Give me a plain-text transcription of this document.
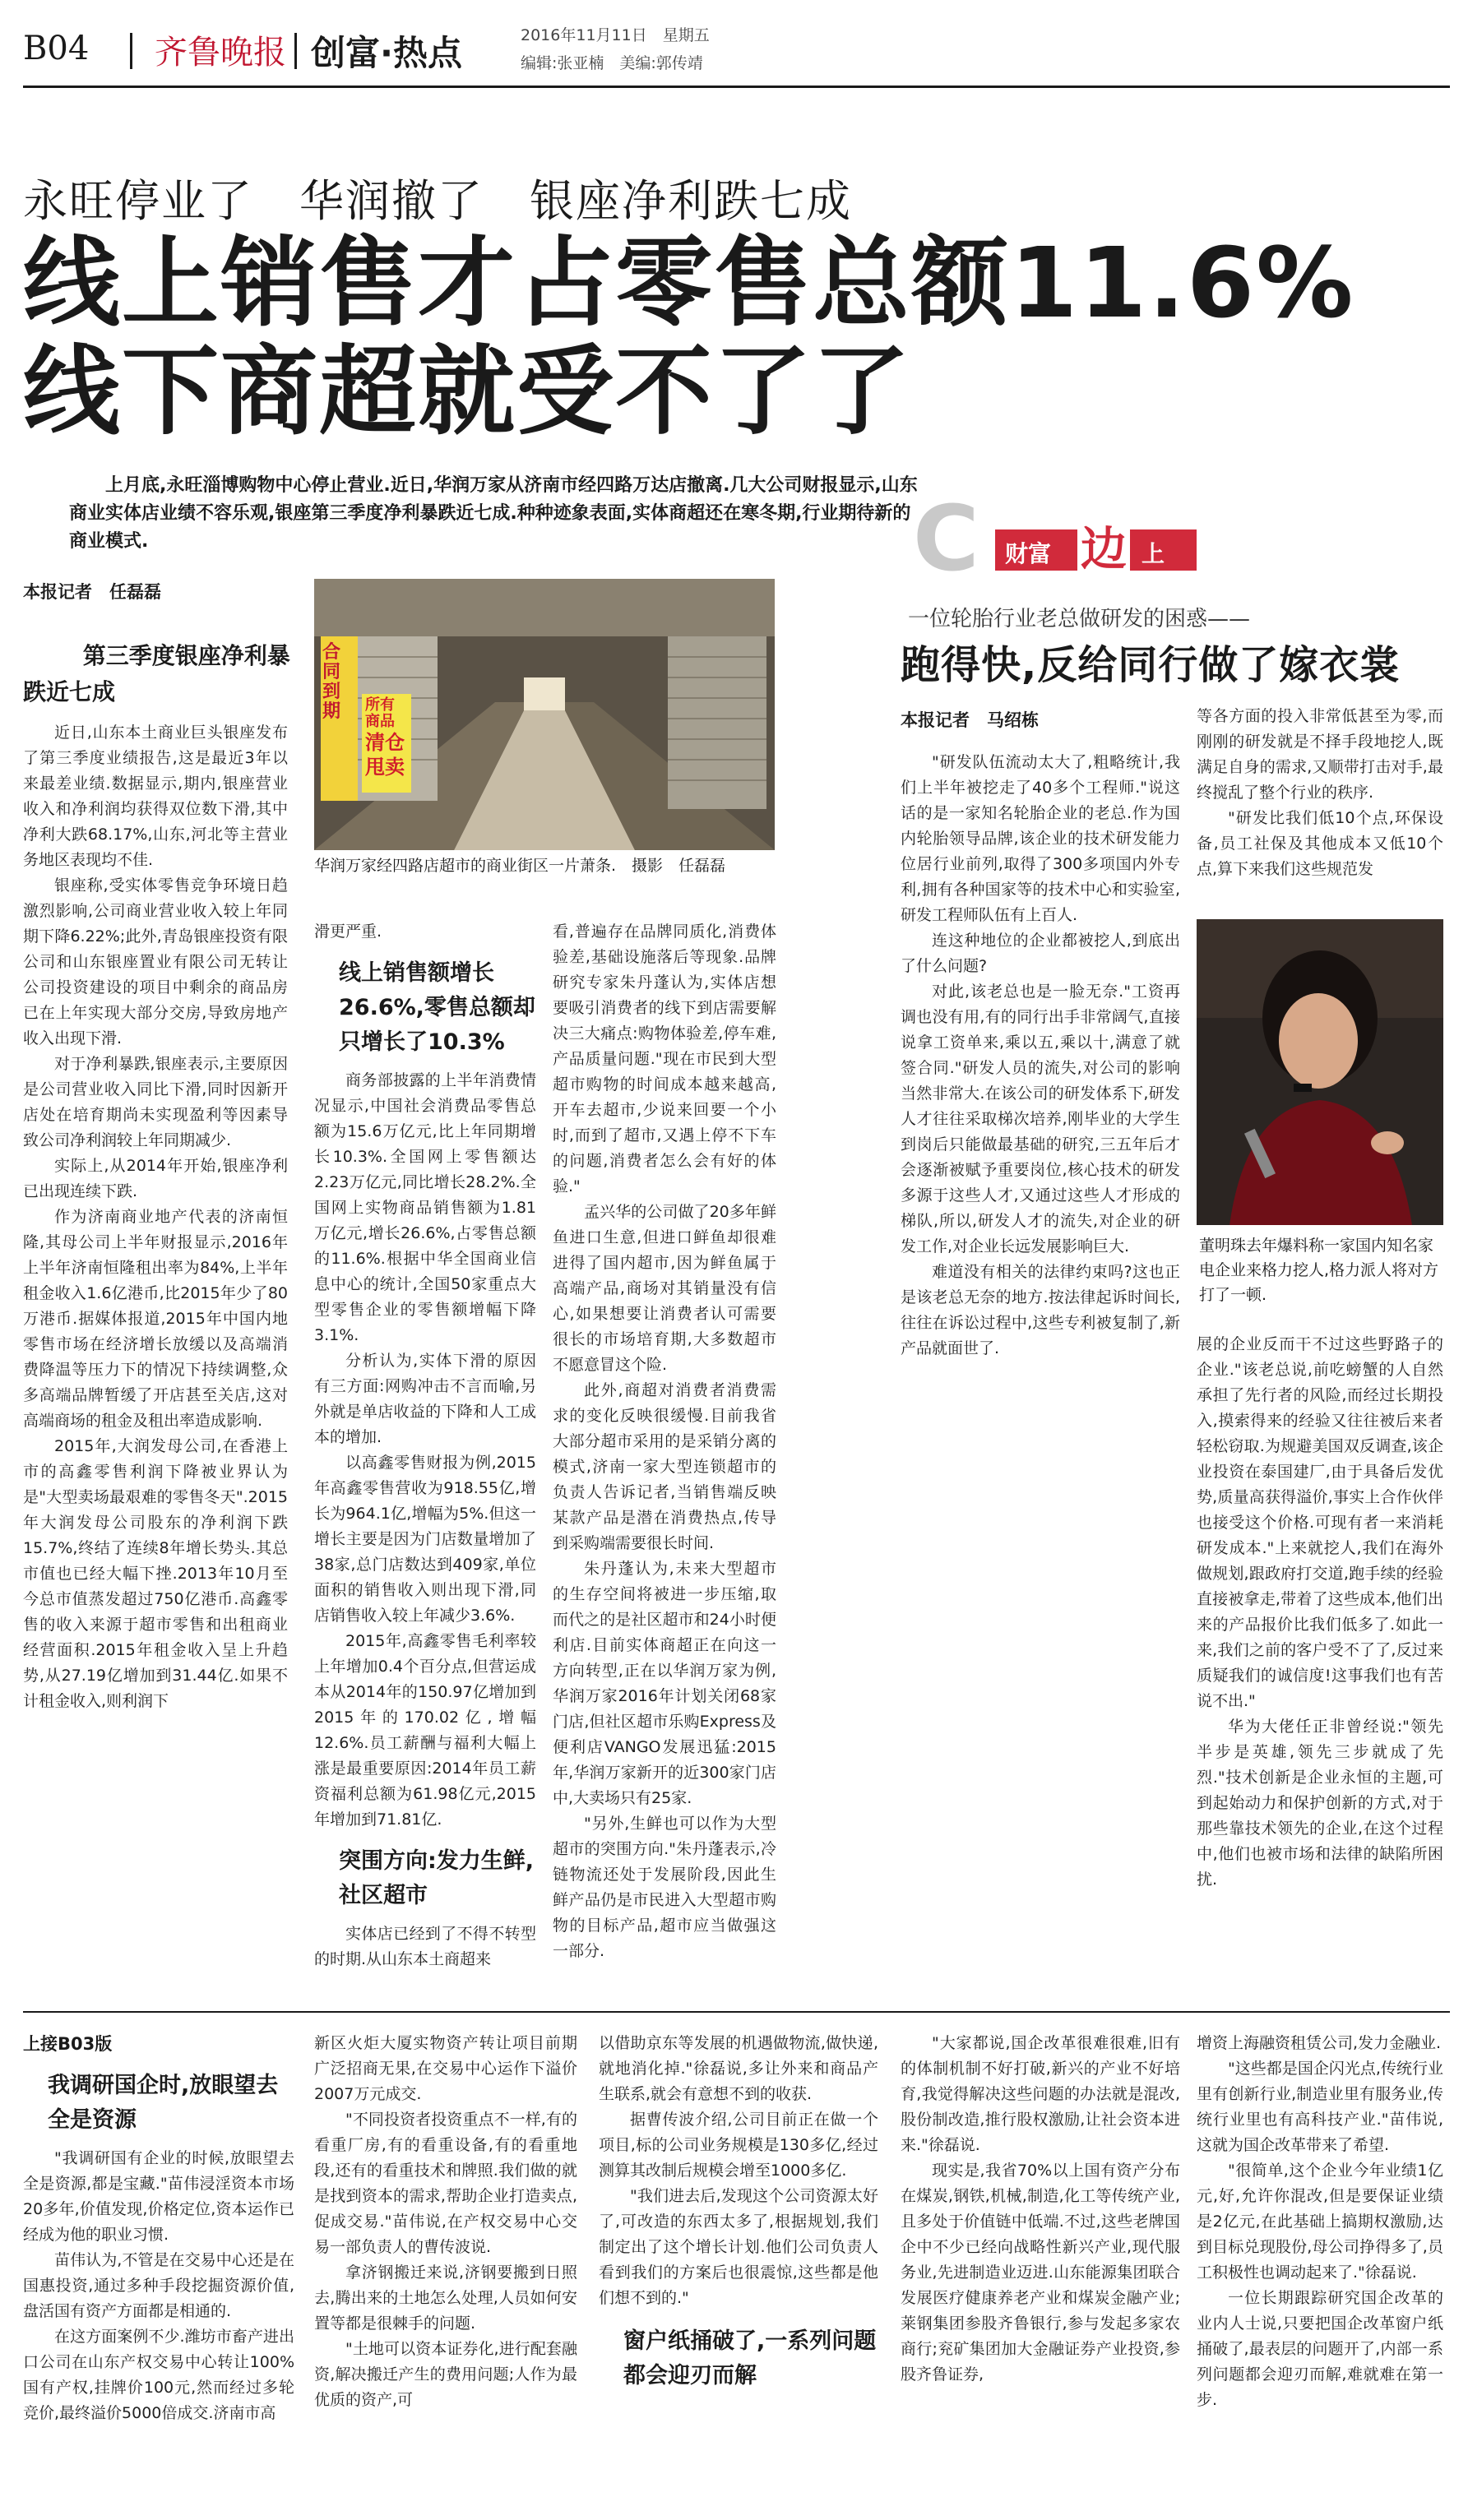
B04 齐鲁晚报 创富·热点	2016年11月11日　星期五
编辑:张亚楠　美编:郭传靖
永旺停业了　华润撤了　银座净利跌七成
线上销售才占零售总额11.6%
线下商超就受不了了
上月底,永旺淄博购物中心停止营业.近日,华润万家从济南市经四路万达店撤离.几大公司财报显示,山东商业实体店业绩不容乐观,银座第三季度净利暴跌近七成.种种迹象表面,实体商超还在寒冬期,行业期待新的商业模式.
本报记者　任磊磊
第三季度银座净利暴跌近七成

近日,山东本土商业巨头银座发布了第三季度业绩报告,这是最近3年以来最差业绩.数据显示,期内,银座营业收入和净利润均获得双位数下滑,其中净利大跌68.17%,山东,河北等主营业务地区表现均不佳.

银座称,受实体零售竞争环境日趋激烈影响,公司商业营业收入较上年同期下降6.22%;此外,青岛银座投资有限公司和山东银座置业有限公司无转让公司投资建设的项目中剩余的商品房已在上年实现大部分交房,导致房地产收入出现下滑.

对于净利暴跌,银座表示,主要原因是公司营业收入同比下滑,同时因新开店处在培育期尚未实现盈利等因素导致公司净利润较上年同期减少.

实际上,从2014年开始,银座净利已出现连续下跌.

作为济南商业地产代表的济南恒隆,其母公司上半年财报显示,2016年上半年济南恒隆租出率为84%,上半年租金收入1.6亿港币,比2015年少了80万港币.据媒体报道,2015年中国内地零售市场在经济增长放缓以及高端消费降温等压力下的情况下持续调整,众多高端品牌暂缓了开店甚至关店,这对高端商场的租金及租出率造成影响.

2015年,大润发母公司,在香港上市的高鑫零售利润下降被业界认为是"大型卖场最艰难的零售冬天".2015年大润发母公司股东的净利润下跌15.7%,终结了连续8年增长势头.其总市值也已经大幅下挫.2013年10月至今总市值蒸发超过750亿港币.高鑫零售的收入来源于超市零售和出租商业经营面积.2015年租金收入呈上升趋势,从27.19亿增加到31.44亿.如果不计租金收入,则利润下

合同到期	所有商品
清仓
甩卖
华润万家经四路店超市的商业街区一片萧条.　摄影　任磊磊

滑更严重.

线上销售额增长26.6%,零售总额却只增长了10.3%

商务部披露的上半年消费情况显示,中国社会消费品零售总额为15.6万亿元,比上年同期增长10.3%.全国网上零售额达2.23万亿元,同比增长28.2%.全国网上实物商品销售额为1.81万亿元,增长26.6%,占零售总额的11.6%.根据中华全国商业信息中心的统计,全国50家重点大型零售企业的零售额增幅下降3.1%.

分析认为,实体下滑的原因有三方面:网购冲击不言而喻,另外就是单店收益的下降和人工成本的增加.

以高鑫零售财报为例,2015年高鑫零售营收为918.55亿,增长为964.1亿,增幅为5%.但这一增长主要是因为门店数量增加了38家,总门店数达到409家,单位面积的销售收入则出现下滑,同店销售收入较上年减少3.6%.

2015年,高鑫零售毛利率较上年增加0.4个百分点,但营运成本从2014年的150.97亿增加到2015年的170.02亿,增幅12.6%.员工薪酬与福利大幅上涨是最重要原因:2014年员工薪资福利总额为61.98亿元,2015年增加到71.81亿.

突围方向:发力生鲜,社区超市

实体店已经到了不得不转型的时期.从山东本土商超来

看,普遍存在品牌同质化,消费体验差,基础设施落后等现象.品牌研究专家朱丹蓬认为,实体店想要吸引消费者的线下到店需要解决三大痛点:购物体验差,停车难,产品质量问题."现在市民到大型超市购物的时间成本越来越高,开车去超市,少说来回要一个小时,而到了超市,又遇上停不下车的问题,消费者怎么会有好的体验."

孟兴华的公司做了20多年鲜鱼进口生意,但进口鲜鱼却很难进得了国内超市,因为鲜鱼属于高端产品,商场对其销量没有信心,如果想要让消费者认可需要很长的市场培育期,大多数超市不愿意冒这个险.

此外,商超对消费者消费需求的变化反映很缓慢.目前我省大部分超市采用的是采销分离的模式,济南一家大型连锁超市的负责人告诉记者,当销售端反映某款产品是潜在消费热点,传导到采购端需要很长时间.

朱丹蓬认为,未来大型超市的生存空间将被进一步压缩,取而代之的是社区超市和24小时便利店.目前实体商超正在向这一方向转型,正在以华润万家为例,华润万家2016年计划关闭68家门店,但社区超市乐购Express及便利店VANGO发展迅猛:2015年,华润万家新开的近300家门店中,大卖场只有25家.

"另外,生鲜也可以作为大型超市的突围方向."朱丹蓬表示,冷链物流还处于发展阶段,因此生鲜产品仍是市民进入大型超市购物的目标产品,超市应当做强这一部分.

C 财富 边 上
一位轮胎行业老总做研发的困惑——
跑得快,反给同行做了嫁衣裳
本报记者　马绍栋

"研发队伍流动太大了,粗略统计,我们上半年被挖走了40多个工程师."说这话的是一家知名轮胎企业的老总.作为国内轮胎领导品牌,该企业的技术研发能力位居行业前列,取得了300多项国内外专利,拥有各种国家等的技术中心和实验室,研发工程师队伍有上百人.

连这种地位的企业都被挖人,到底出了什么问题?

对此,该老总也是一脸无奈."工资再调也没有用,有的同行出手非常阔气,直接说拿工资单来,乘以五,乘以十,满意了就签合同."研发人员的流失,对公司的影响当然非常大.在该公司的研发体系下,研发人才往往采取梯次培养,刚毕业的大学生到岗后只能做最基础的研究,三五年后才会逐渐被赋予重要岗位,核心技术的研发多源于这些人才,又通过这些人才形成的梯队,所以,研发人才的流失,对企业的研发工作,对企业长远发展影响巨大.

难道没有相关的法律约束吗?这也正是该老总无奈的地方.按法律起诉时间长,往往在诉讼过程中,这些专利被复制了,新产品就面世了.

等各方面的投入非常低甚至为零,而刚刚的研发就是不择手段地挖人,既满足自身的需求,又顺带打击对手,最终搅乱了整个行业的秩序.

"研发比我们低10个点,环保设备,员工社保及其他成本又低10个点,算下来我们这些规范发

董明珠去年爆料称一家国内知名家电企业来格力挖人,格力派人将对方打了一顿.

展的企业反而干不过这些野路子的企业."该老总说,前吃螃蟹的人自然承担了先行者的风险,而经过长期投入,摸索得来的经验又往往被后来者轻松窃取.为规避美国双反调查,该企业投资在泰国建厂,由于具备后发优势,质量高获得溢价,事实上合作伙伴也接受这个价格.可现有者一来消耗研发成本."上来就挖人,我们在海外做规划,跟政府打交道,跑手续的经验直接被拿走,带着了这些成本,他们出来的产品报价比我们低多了.如此一来,我们之前的客户受不了了,反过来质疑我们的诚信度!这事我们也有苦说不出."

华为大佬任正非曾经说:"领先半步是英雄,领先三步就成了先烈."技术创新是企业永恒的主题,可到起始动力和保护创新的方式,对于那些靠技术领先的企业,在这个过程中,他们也被市场和法律的缺陷所困扰.

上接B03版

我调研国企时,放眼望去全是资源

"我调研国有企业的时候,放眼望去全是资源,都是宝藏."苗伟浸淫资本市场20多年,价值发现,价格定位,资本运作已经成为他的职业习惯.

苗伟认为,不管是在交易中心还是在国惠投资,通过多种手段挖掘资源价值,盘活国有资产方面都是相通的.

在这方面案例不少.潍坊市畜产进出口公司在山东产权交易中心转让100%国有产权,挂牌价100元,然而经过多轮竞价,最终溢价5000倍成交.济南市高

新区火炬大厦实物资产转让项目前期广泛招商无果,在交易中心运作下溢价2007万元成交.

"不同投资者投资重点不一样,有的看重厂房,有的看重设备,有的看重地段,还有的看重技术和牌照.我们做的就是找到资本的需求,帮助企业打造卖点,促成交易."苗伟说,在产权交易中心交易一部负责人的曹传波说.

拿济钢搬迁来说,济钢要搬到日照去,腾出来的土地怎么处理,人员如何安置等都是很棘手的问题.

"土地可以资本证券化,进行配套融资,解决搬迁产生的费用问题;人作为最优质的资产,可

以借助京东等发展的机遇做物流,做快递,就地消化掉."徐磊说,多让外来和商品产生联系,就会有意想不到的收获.

据曹传波介绍,公司目前正在做一个项目,标的公司业务规模是130多亿,经过测算其改制后规模会增至1000多亿.

"我们进去后,发现这个公司资源太好了,可改造的东西太多了,根据规划,我们制定出了这个增长计划.他们公司负责人看到我们的方案后也很震惊,这些都是他们想不到的."

窗户纸捅破了,一系列问题都会迎刃而解

"大家都说,国企改革很难很难,旧有的体制机制不好打破,新兴的产业不好培育,我觉得解决这些问题的办法就是混改,股份制改造,推行股权激励,让社会资本进来."徐磊说.

现实是,我省70%以上国有资产分布在煤炭,钢铁,机械,制造,化工等传统产业,且多处于价值链中低端.不过,这些老牌国企中不少已经向战略性新兴产业,现代服务业,先进制造业迈进.山东能源集团联合发展医疗健康养老产业和煤炭金融产业;莱钢集团参股齐鲁银行,参与发起多家农商行;兖矿集团加大金融证券产业投资,参股齐鲁证券,

增资上海融资租赁公司,发力金融业.

"这些都是国企闪光点,传统行业里有创新行业,制造业里有服务业,传统行业里也有高科技产业."苗伟说,这就为国企改革带来了希望.

"很简单,这个企业今年业绩1亿元,好,允许你混改,但是要保证业绩是2亿元,在此基础上搞期权激励,达到目标兑现股份,母公司挣得多了,员工积极性也调动起来了."徐磊说.

一位长期跟踪研究国企改革的业内人士说,只要把国企改革窗户纸捅破了,最表层的问题开了,内部一系列问题都会迎刃而解,难就难在第一步.
